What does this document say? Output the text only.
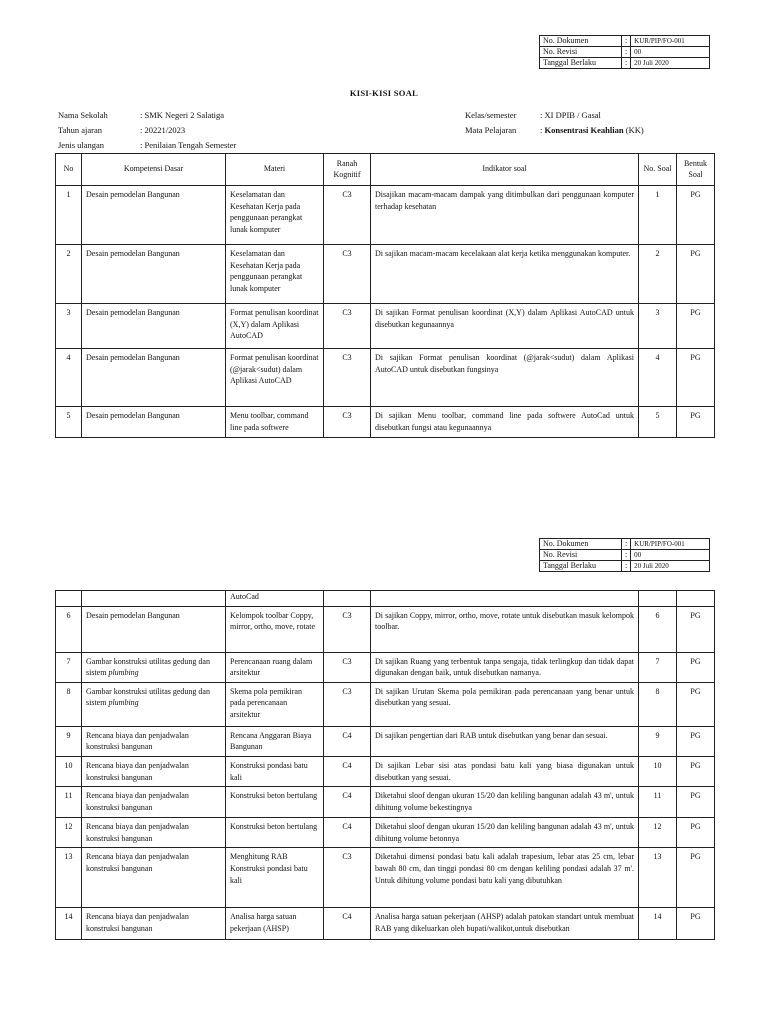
No. Dokumen	:	KUR/PIP/FO-001
No. Revisi	:	00
Tanggal Berlaku	:	20 Juli 2020
KISI-KISI SOAL
Nama Sekolah	: SMK Negeri 2 Salatiga
Tahun ajaran	: 20221/2023
Jenis ulangan	: Penilaian Tengah Semester
Kelas/semester	: XI DPIB / Gasal
Mata Pelajaran	: Konsentrasi Keahlian (KK)
No	Kompetensi Dasar	Materi	Ranah Kognitif	Indikator soal	No. Soal	Bentuk Soal
1	Desain pemodelan Bangunan	Keselamatan dan Kesehatan Kerja pada penggunaan perangkat lunak komputer	C3	Disajikan macam-macam dampak yang ditimbulkan dari penggunaan komputer terhadap kesehatan	1	PG
2	Desain pemodelan Bangunan	Keselamatan dan Kesehatan Kerja pada penggunaan perangkat lunak komputer	C3	Di sajikan macam-macam kecelakaan alat kerja ketika menggunakan komputer.	2	PG
3	Desain pemodelan Bangunan	Format penulisan koordinat (X,Y) dalam Aplikasi AutoCAD	C3	Di sajikan Format penulisan koordinat (X,Y) dalam Aplikasi AutoCAD untuk disebutkan kegunaannya	3	PG
4	Desain pemodelan Bangunan	Format penulisan koordinat (@jarak<sudut) dalam Aplikasi AutoCAD	C3	Di sajikan Format penulisan koordinat (@jarak<sudut) dalam Aplikasi AutoCAD untuk disebutkan fungsinya	4	PG
5	Desain pemodelan Bangunan	Menu toolbar, command line pada softwere	C3	Di sajikan Menu toolbar, command line pada softwere AutoCad untuk disebutkan fungsi atau kegunaannya	5	PG
No. Dokumen	:	KUR/PIP/FO-001
No. Revisi	:	00
Tanggal Berlaku	:	20 Juli 2020
		AutoCad				
6	Desain pemodelan Bangunan	Kelompok toolbar Coppy, mirror, ortho, move, rotate	C3	Di sajikan Coppy, mirror, ortho, move, rotate untuk disebutkan masuk kelompok toolbar.	6	PG
7	Gambar konstruksi utilitas gedung dan sistem plumbing	Perencanaan ruang dalam arsitektur	C3	Di sajikan Ruang yang terbentuk tanpa sengaja, tidak terlingkup dan tidak dapat digunakan dengan baik, untuk disebutkan namanya.	7	PG
8	Gambar konstruksi utilitas gedung dan sistem plumbing	Skema pola pemikiran pada perencanaan arsitektur	C3	Di sajikan Urutan Skema pola pemikiran pada perencanaan yang benar untuk disebutkan yang sesuai.	8	PG
9	Rencana biaya dan penjadwalan konstruksi bangunan	Rencana Anggaran Biaya Bangunan	C4	Di sajikan pengertian dari RAB untuk disebutkan yang benar dan sesuai.	9	PG
10	Rencana biaya dan penjadwalan konstruksi bangunan	Konstruksi pondasi batu kali	C4	Di sajikan Lebar sisi atas pondasi batu kali yang biasa digunakan untuk disebutkan yang sesuai.	10	PG
11	Rencana biaya dan penjadwalan konstruksi bangunan	Konstruksi beton bertulang	C4	Diketahui sloof dengan ukuran 15/20 dan keliling bangunan adalah 43 m', untuk dihitung volume bekestingnya	11	PG
12	Rencana biaya dan penjadwalan konstruksi bangunan	Konstruksi beton bertulang	C4	Diketahui sloof dengan ukuran 15/20 dan keliling bangunan adalah 43 m', untuk dihitung volume betonnya	12	PG
13	Rencana biaya dan penjadwalan konstruksi bangunan	Menghitung RAB Konstruksi pondasi batu kali	C3	Diketahui dimensi pondasi batu kali adalah trapesium, lebar atas 25 cm, lebar bawah 80 cm, dan tinggi pondasi 80 cm dengan keliling pondasi adalah 37 m'. Untuk dihitung volume pondasi batu kali yang dibutuhkan	13	PG
14	Rencana biaya dan penjadwalan konstruksi bangunan	Analisa harga satuan pekerjaan (AHSP)	C4	Analisa harga satuan pekerjaan (AHSP) adalah patokan standart untuk membuat RAB yang dikeluarkan oleh bupati/walikot,untuk disebutkan	14	PG
